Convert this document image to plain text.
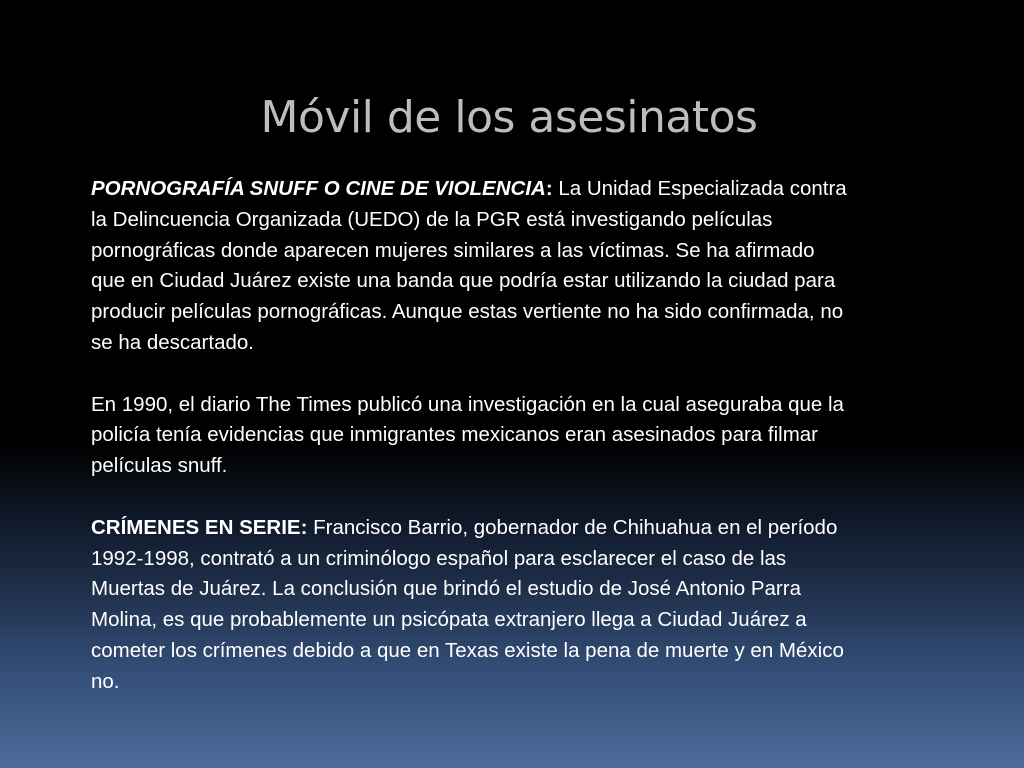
Móvil de los asesinatos

PORNOGRAFÍA SNUFF O CINE DE VIOLENCIA: La Unidad Especializada contra la Delincuencia Organizada (UEDO) de la PGR está investigando películas pornográficas donde aparecen mujeres similares a las víctimas. Se ha afirmado que en Ciudad Juárez existe una banda que podría estar utilizando la ciudad para producir películas pornográficas. Aunque estas vertiente no ha sido confirmada, no se ha descartado.

En 1990, el diario The Times publicó una investigación en la cual aseguraba que la policía tenía evidencias que inmigrantes mexicanos eran asesinados para filmar películas snuff.

CRÍMENES EN SERIE: Francisco Barrio, gobernador de Chihuahua en el período 1992-1998, contrató a un criminólogo español para esclarecer el caso de las Muertas de Juárez. La conclusión que brindó el estudio de José Antonio Parra Molina, es que probablemente un psicópata extranjero llega a Ciudad Juárez a cometer los crímenes debido a que en Texas existe la pena de muerte y en México no.
